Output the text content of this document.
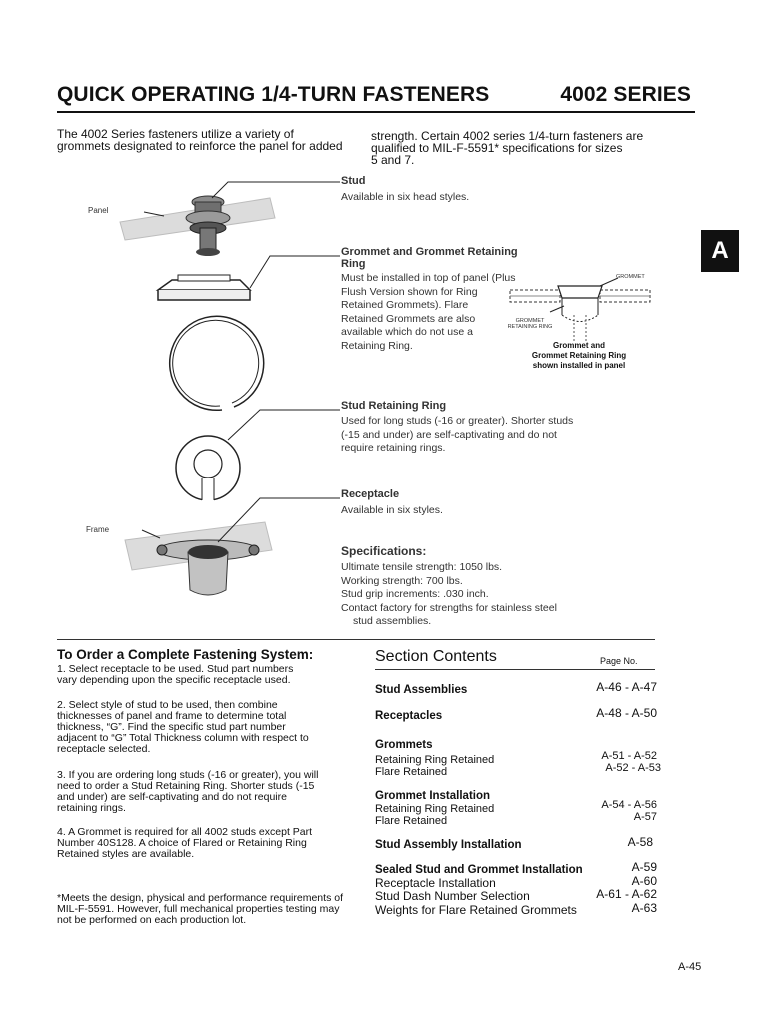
QUICK OPERATING 1/4-TURN FASTENERS	4002 SERIES
The 4002 Series fasteners utilize a variety of
grommets designated to reinforce the panel for added
strength. Certain 4002 series 1/4-turn fasteners are
qualified to MIL-F-5591* specifications for sizes
5 and 7.
A
Panel
Frame
Stud
Available in six head styles.
Grommet and Grommet Retaining Ring
Must be installed in top of panel (Plus
Flush Version shown for Ring
Retained Grommets). Flare
Retained Grommets are also
available which do not use a
Retaining Ring.
GROMMET
GROMMET
RETAINING RING
Grommet and
Grommet Retaining Ring
shown installed in panel
Stud Retaining Ring
Used for long studs (-16 or greater). Shorter studs
(-15 and under) are self-captivating and do not
require retaining rings.
Receptacle
Available in six styles.
Specifications:
Ultimate tensile strength: 1050 lbs.
Working strength: 700 lbs.
Stud grip increments: .030 inch.
Contact factory for strengths for stainless steel
stud assemblies.
To Order a Complete Fastening System:
1. Select receptacle to be used. Stud part numbers
vary depending upon the specific receptacle used.
2. Select style of stud to be used, then combine
thicknesses of panel and frame to determine total
thickness, “G”. Find the specific stud part number
adjacent to “G” Total Thickness column with respect to
receptacle selected.
3. If you are ordering long studs (-16 or greater), you will
need to order a Stud Retaining Ring. Shorter studs (-15
and under) are self-captivating and do not require
retaining rings.
4. A Grommet is required for all 4002 studs except Part
Number 40S128. A choice of Flared or Retaining Ring
Retained styles are available.
*Meets the design, physical and performance requirements of
MIL-F-5591. However, full mechanical properties testing may
not be performed on each production lot.
Section Contents	Page No.
Stud Assemblies	A-46 - A-47
Receptacles	A-48 - A-50
Grommets
Retaining Ring Retained	A-51 - A-52
Flare Retained	A-52 - A-53
Grommet Installation
Retaining Ring Retained	A-54 - A-56
Flare Retained	A-57
Stud Assembly Installation	A-58
Sealed Stud and Grommet Installation	A-59
Receptacle Installation	A-60
Stud Dash Number Selection	A-61 - A-62
Weights for Flare Retained Grommets	A-63
A-45
